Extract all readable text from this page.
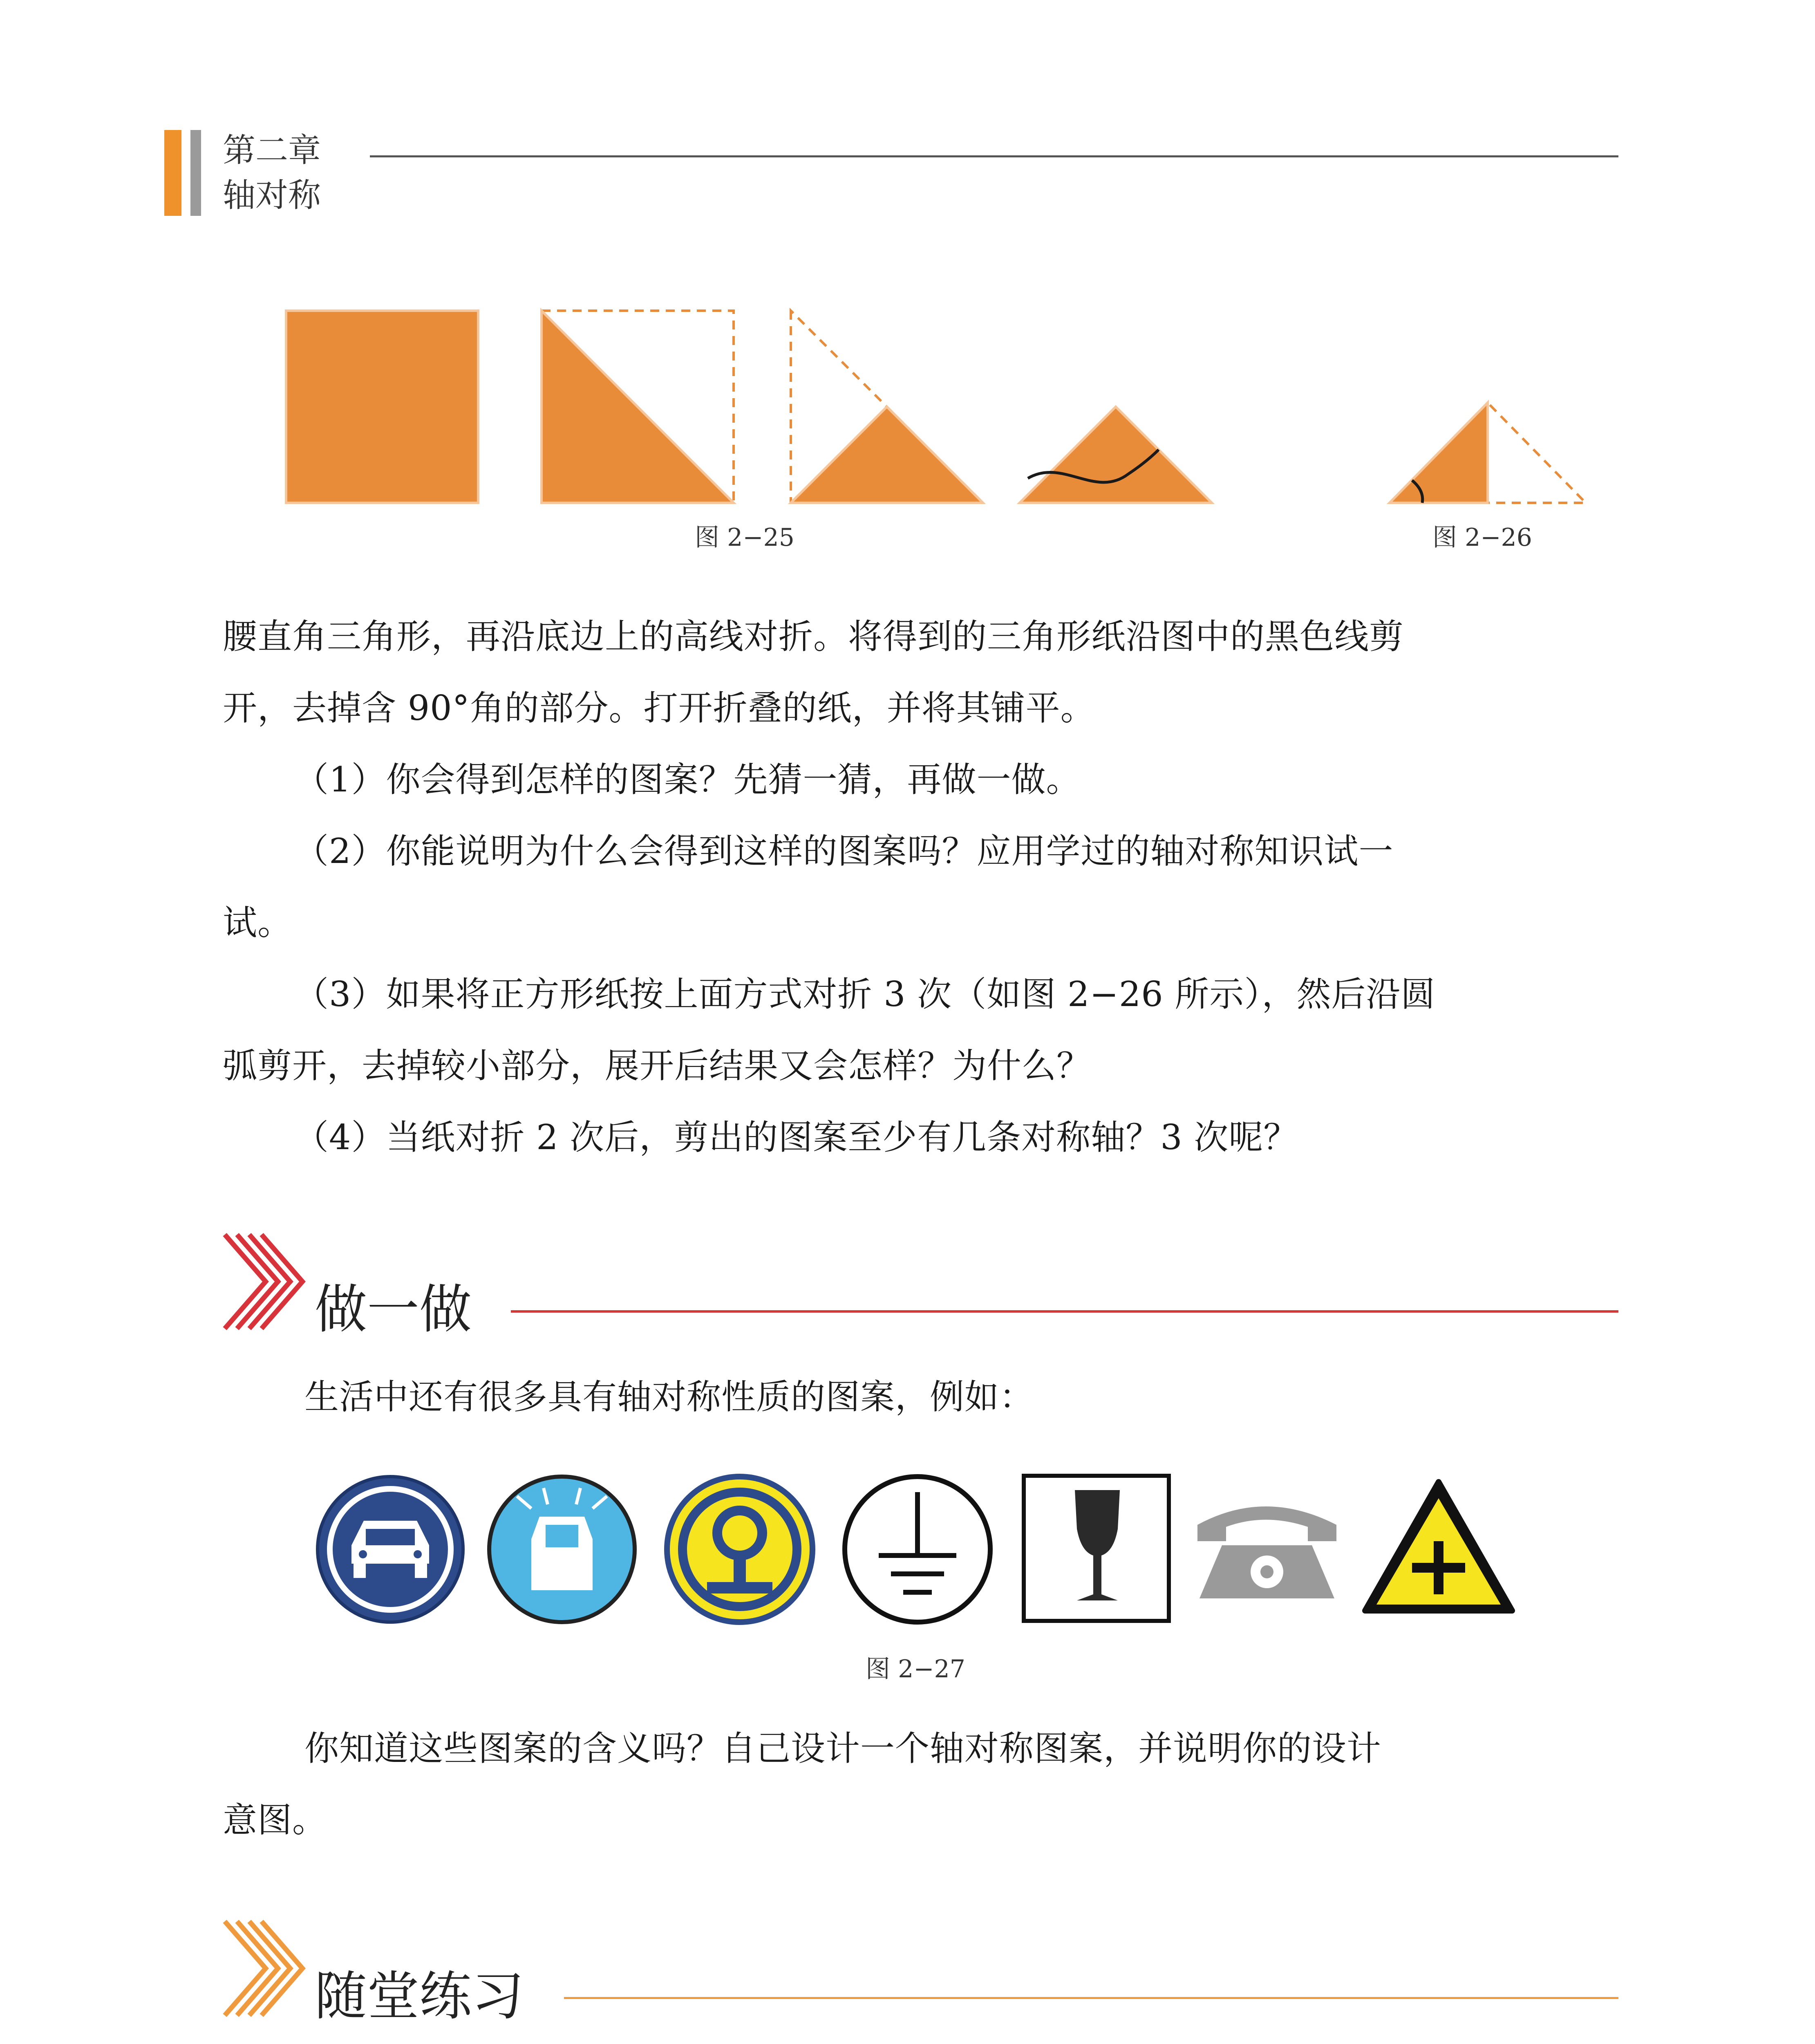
第二章
轴对称
图 2−25	图 2−26
腰直角三角形，再沿底边上的高线对折。将得到的三角形纸沿图中的黑色线剪
开，去掉含 90°角的部分。打开折叠的纸，并将其铺平。
（1）你会得到怎样的图案？先猜一猜，再做一做。
（2）你能说明为什么会得到这样的图案吗？应用学过的轴对称知识试一
试。
（3）如果将正方形纸按上面方式对折 3 次（如图 2−26 所示），然后沿圆
弧剪开，去掉较小部分，展开后结果又会怎样？为什么？
（4）当纸对折 2 次后，剪出的图案至少有几条对称轴？3 次呢？
做一做
生活中还有很多具有轴对称性质的图案，例如：
图 2−27
你知道这些图案的含义吗？自己设计一个轴对称图案，并说明你的设计
意图。
随堂练习
